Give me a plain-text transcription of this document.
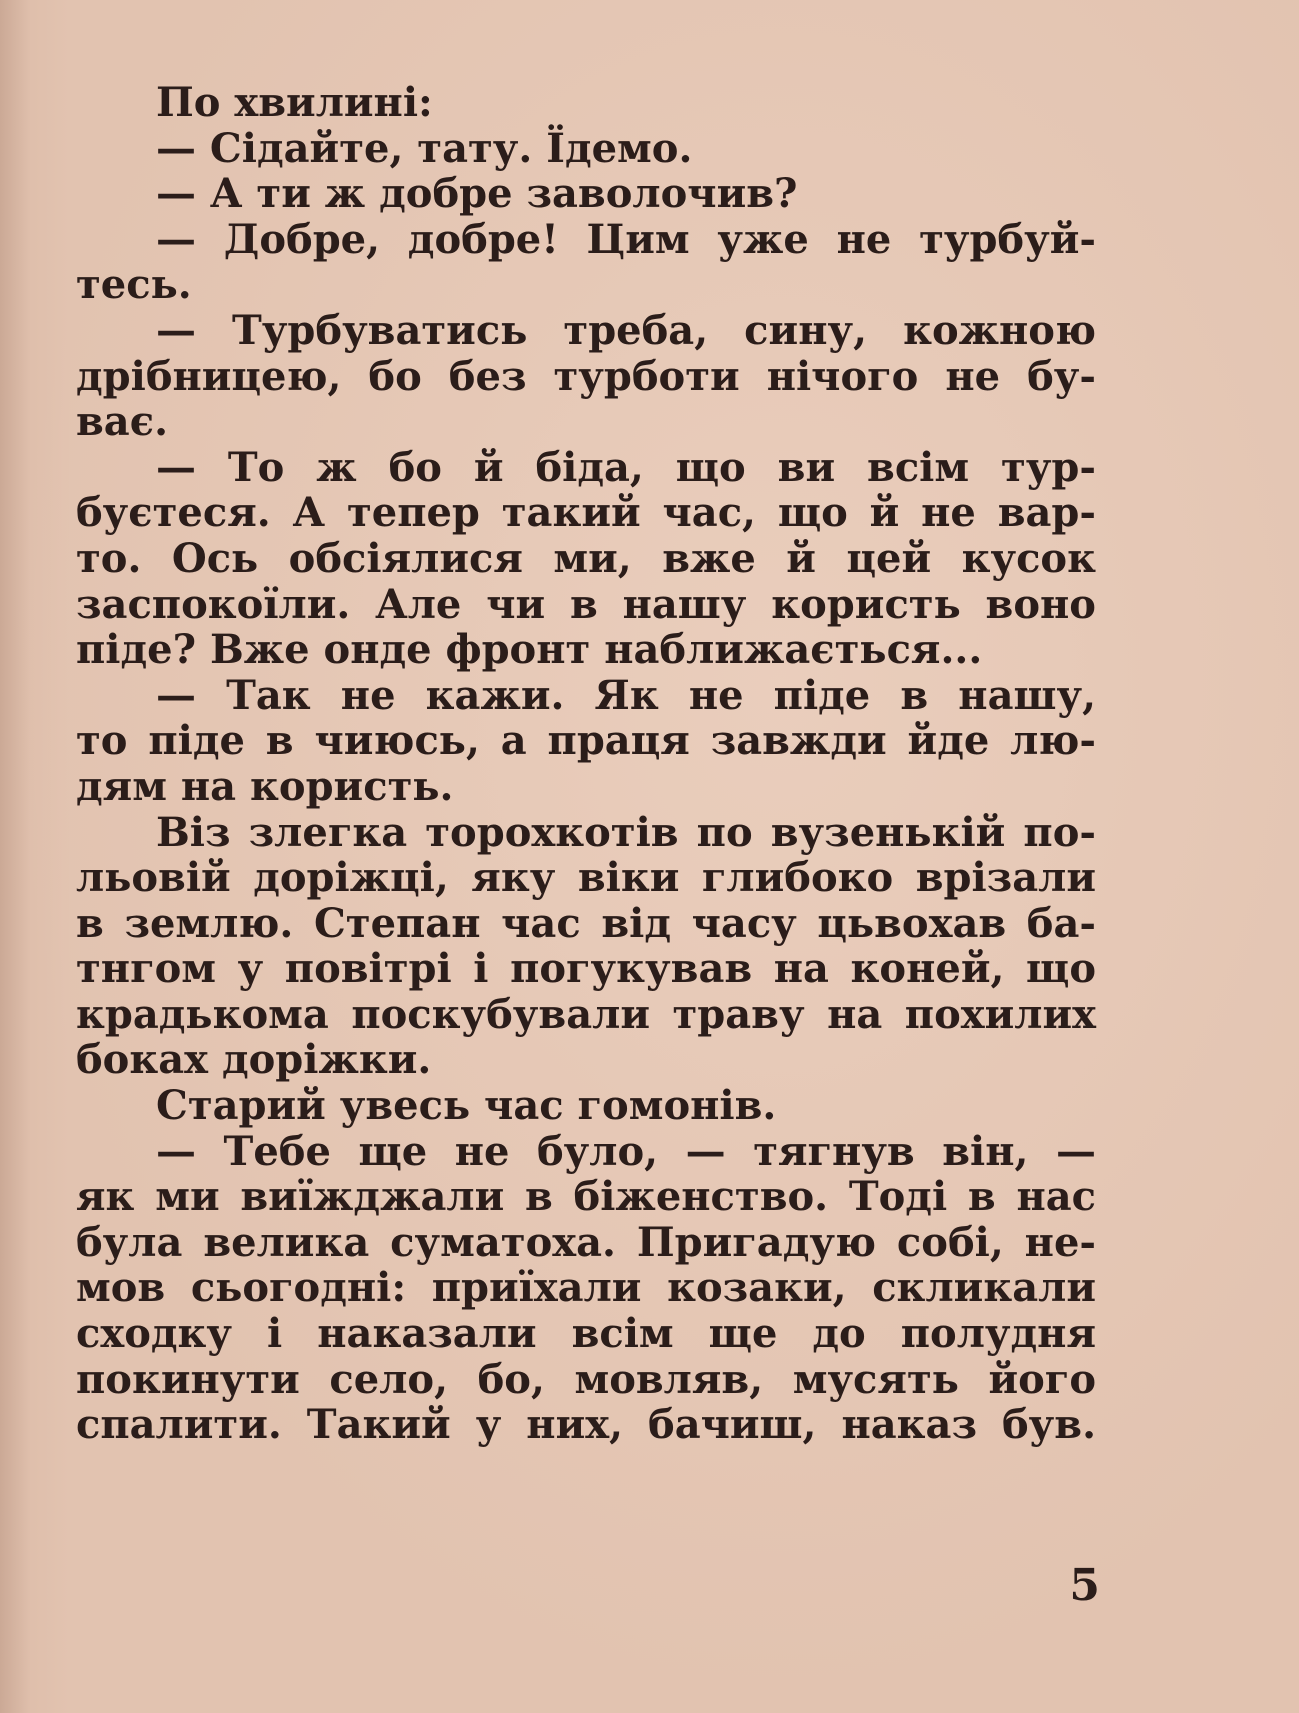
По хвилині:
— Сідайте, тату. Їдемо.
— А ти ж добре заволочив?
— Добре, добре! Цим уже не турбуй-
тесь.
— Турбуватись треба, сину, кожною
дрібницею, бо без турботи нічого не бу-
ває.
— То ж бо й біда, що ви всім тур-
буєтеся. А тепер такий час, що й не вар-
то. Ось обсіялися ми, вже й цей кусок
заспокоїли. Але чи в нашу користь воно
піде? Вже онде фронт наближається...
— Так не кажи. Як не піде в нашу,
то піде в чиюсь, а праця завжди йде лю-
дям на користь.
Віз злегка торохкотів по вузенькій по-
льовій доріжці, яку віки глибоко врізали
в землю. Степан час від часу цьвохав ба-
тнгом у повітрі і погукував на коней, що
крадькома поскубували траву на похилих
боках доріжки.
Старий увесь час гомонів.
— Тебе ще не було, — тягнув він, —
як ми виїжджали в біженство. Тоді в нас
була велика суматоха. Пригадую собі, не-
мов сьогодні: приїхали козаки, скликали
сходку і наказали всім ще до полудня
покинути село, бо, мовляв, мусять його
спалити. Такий у них, бачиш, наказ був.
5
